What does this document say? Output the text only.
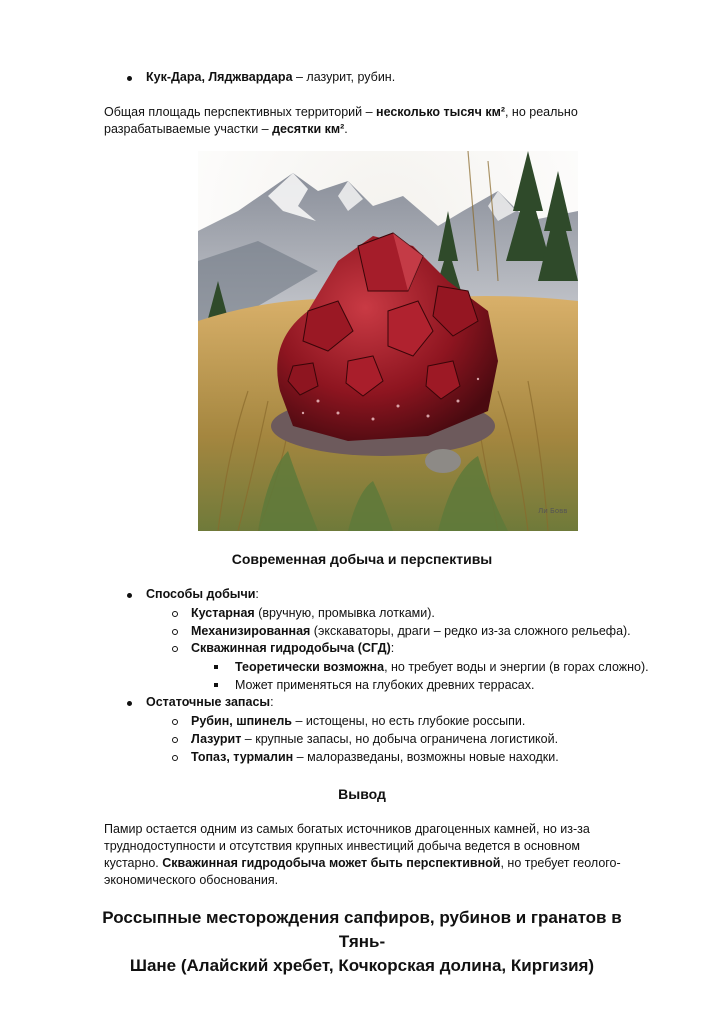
Кук-Дара, Ляджвардара – лазурит, рубин.
Общая площадь перспективных территорий – несколько тысяч км², но реально
разрабатываемые участки – десятки км².
Ли Бовв
Современная добыча и перспективы
Способы добычи:
Кустарная (вручную, промывка лотками).
Механизированная (экскаваторы, драги – редко из-за сложного рельефа).
Скважинная гидродобыча (СГД):
Теоретически возможна, но требует воды и энергии (в горах сложно).
Может применяться на глубоких древних террасах.
Остаточные запасы:
Рубин, шпинель – истощены, но есть глубокие россыпи.
Лазурит – крупные запасы, но добыча ограничена логистикой.
Топаз, турмалин – малоразведаны, возможны новые находки.
Вывод
Памир остается одним из самых богатых источников драгоценных камней, но из-за
труднодоступности и отсутствия крупных инвестиций добыча ведется в основном
кустарно. Скважинная гидродобыча может быть перспективной, но требует геолого-
экономического обоснования.
Россыпные месторождения сапфиров, рубинов и гранатов в Тянь-
Шане (Алайский хребет, Кочкорская долина, Киргизия)
